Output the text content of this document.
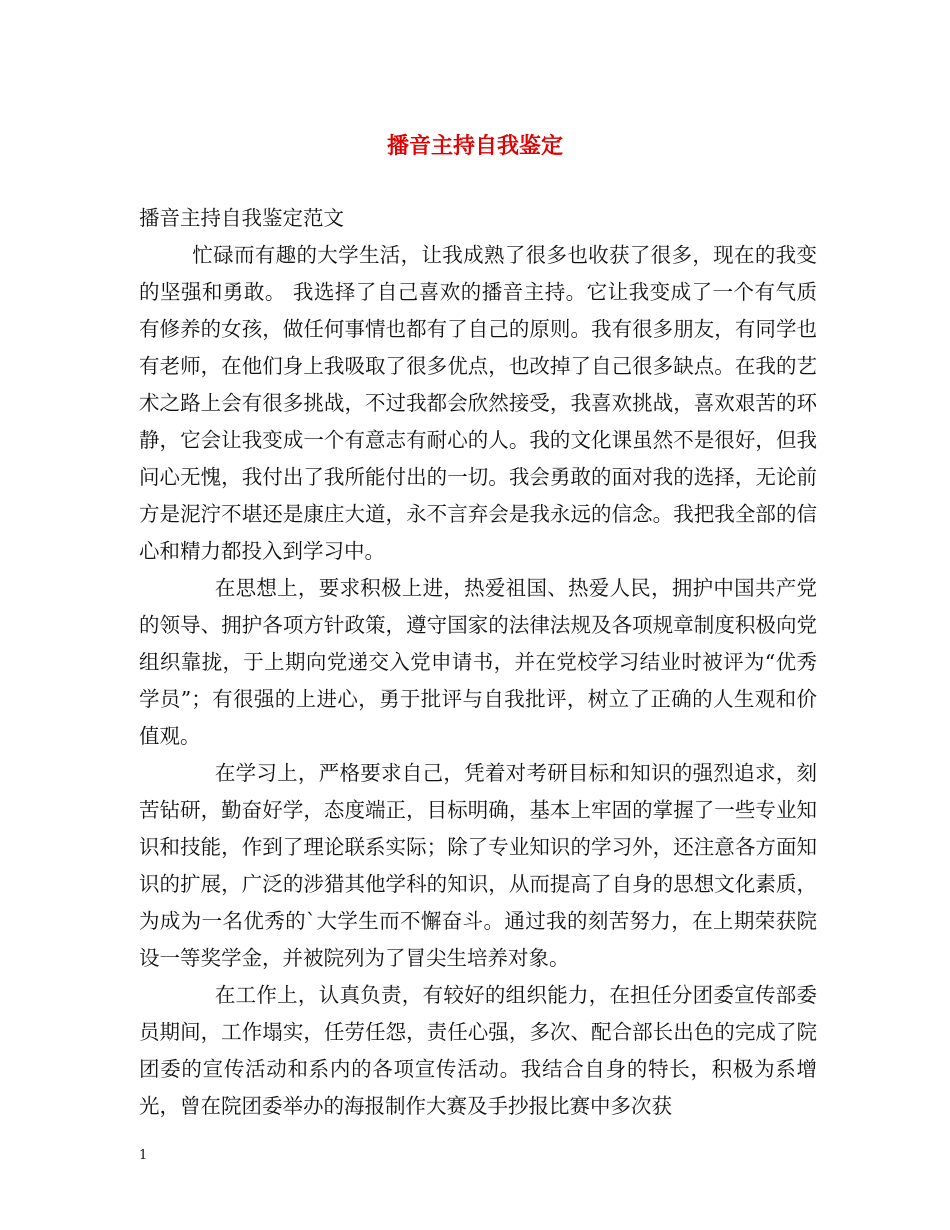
播音主持自我鉴定

播音主持自我鉴定范文

忙碌而有趣的大学生活，让我成熟了很多也收获了很多，现在的我变的坚强和勇敢。 我选择了自己喜欢的播音主持。它让我变成了一个有气质有修养的女孩，做任何事情也都有了自己的原则。我有很多朋友，有同学也有老师，在他们身上我吸取了很多优点，也改掉了自己很多缺点。在我的艺术之路上会有很多挑战，不过我都会欣然接受，我喜欢挑战，喜欢艰苦的环静，它会让我变成一个有意志有耐心的人。我的文化课虽然不是很好，但我问心无愧，我付出了我所能付出的一切。我会勇敢的面对我的选择，无论前方是泥泞不堪还是康庄大道，永不言弃会是我永远的信念。我把我全部的信心和精力都投入到学习中。

在思想上，要求积极上进，热爱祖国、热爱人民，拥护中国共产党的领导、拥护各项方针政策，遵守国家的法律法规及各项规章制度积极向党组织靠拢，于上期向党递交入党申请书，并在党校学习结业时被评为“优秀学员”；有很强的上进心，勇于批评与自我批评，树立了正确的人生观和价值观。

在学习上，严格要求自己，凭着对考研目标和知识的强烈追求，刻苦钻研，勤奋好学，态度端正，目标明确，基本上牢固的掌握了一些专业知识和技能，作到了理论联系实际；除了专业知识的学习外，还注意各方面知识的扩展，广泛的涉猎其他学科的知识，从而提高了自身的思想文化素质，为成为一名优秀的`大学生而不懈奋斗。通过我的刻苦努力，在上期荣获院设一等奖学金，并被院列为了冒尖生培养对象。

在工作上，认真负责，有较好的组织能力，在担任分团委宣传部委员期间，工作塌实，任劳任怨，责任心强，多次、配合部长出色的完成了院团委的宣传活动和系内的各项宣传活动。我结合自身的特长，积极为系增光，曾在院团委举办的海报制作大赛及手抄报比赛中多次获

1
